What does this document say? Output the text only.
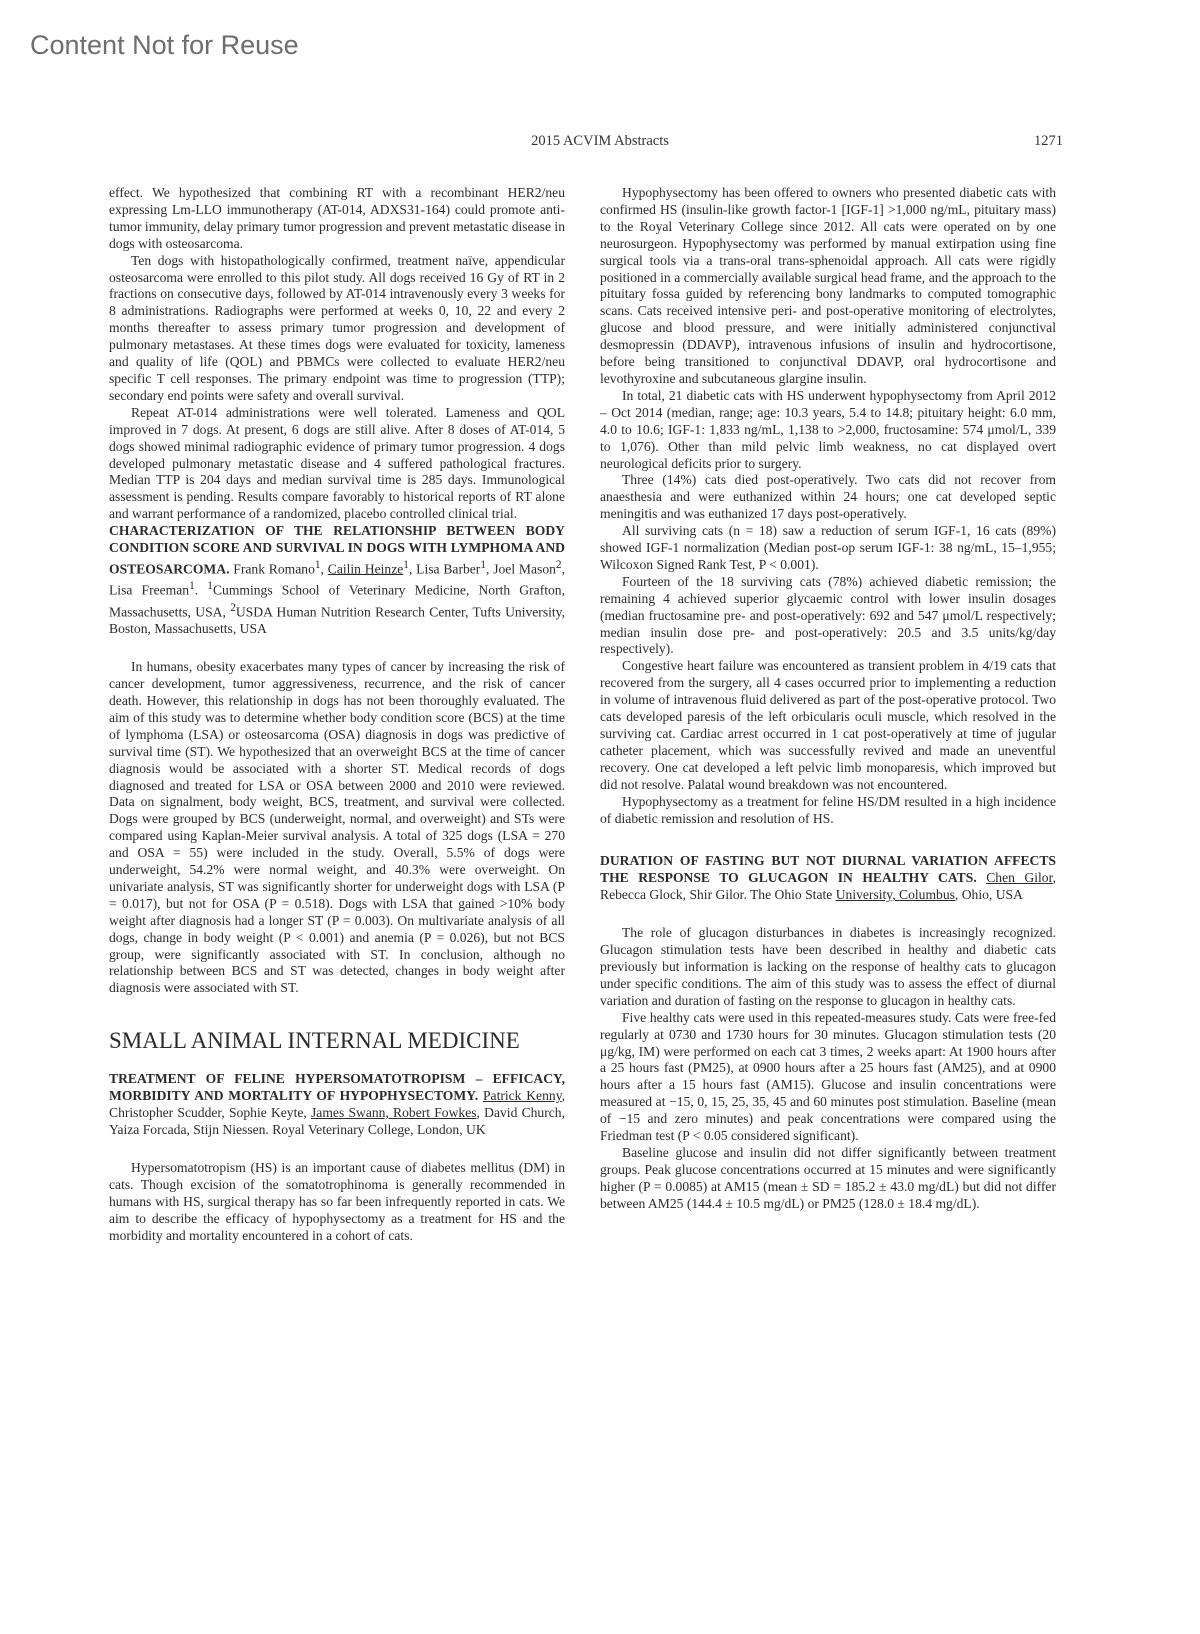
Content Not for Reuse
2015 ACVIM Abstracts	1271

effect. We hypothesized that combining RT with a recombinant HER2/neu expressing Lm-LLO immunotherapy (AT-014, ADXS31-164) could promote anti-tumor immunity, delay primary tumor progression and prevent metastatic disease in dogs with osteosarcoma.

Ten dogs with histopathologically confirmed, treatment naïve, appendicular osteosarcoma were enrolled to this pilot study. All dogs received 16 Gy of RT in 2 fractions on consecutive days, followed by AT-014 intravenously every 3 weeks for 8 administrations. Radiographs were performed at weeks 0, 10, 22 and every 2 months thereafter to assess primary tumor progression and development of pulmonary metastases. At these times dogs were evaluated for toxicity, lameness and quality of life (QOL) and PBMCs were collected to evaluate HER2/neu specific T cell responses. The primary endpoint was time to progression (TTP); secondary end points were safety and overall survival.

Repeat AT-014 administrations were well tolerated. Lameness and QOL improved in 7 dogs. At present, 6 dogs are still alive. After 8 doses of AT-014, 5 dogs showed minimal radiographic evidence of primary tumor progression. 4 dogs developed pulmonary metastatic disease and 4 suffered pathological fractures. Median TTP is 204 days and median survival time is 285 days. Immunological assessment is pending. Results compare favorably to historical reports of RT alone and warrant performance of a randomized, placebo controlled clinical trial.

CHARACTERIZATION OF THE RELATIONSHIP BETWEEN BODY CONDITION SCORE AND SURVIVAL IN DOGS WITH LYMPHOMA AND OSTEOSARCOMA. Frank Romano$^1$, Cailin Heinze$^1$, Lisa Barber$^1$, Joel Mason$^2$, Lisa Freeman$^1$. $^1$Cummings School of Veterinary Medicine, North Grafton, Massachusetts, USA, $^2$USDA Human Nutrition Research Center, Tufts University, Boston, Massachusetts, USA

In humans, obesity exacerbates many types of cancer by increasing the risk of cancer development, tumor aggressiveness, recurrence, and the risk of cancer death. However, this relationship in dogs has not been thoroughly evaluated. The aim of this study was to determine whether body condition score (BCS) at the time of lymphoma (LSA) or osteosarcoma (OSA) diagnosis in dogs was predictive of survival time (ST). We hypothesized that an overweight BCS at the time of cancer diagnosis would be associated with a shorter ST. Medical records of dogs diagnosed and treated for LSA or OSA between 2000 and 2010 were reviewed. Data on signalment, body weight, BCS, treatment, and survival were collected. Dogs were grouped by BCS (underweight, normal, and overweight) and STs were compared using Kaplan-Meier survival analysis. A total of 325 dogs (LSA = 270 and OSA = 55) were included in the study. Overall, 5.5% of dogs were underweight, 54.2% were normal weight, and 40.3% were overweight. On univariate analysis, ST was significantly shorter for underweight dogs with LSA (P = 0.017), but not for OSA (P = 0.518). Dogs with LSA that gained >10% body weight after diagnosis had a longer ST (P = 0.003). On multivariate analysis of all dogs, change in body weight (P < 0.001) and anemia (P = 0.026), but not BCS group, were significantly associated with ST. In conclusion, although no relationship between BCS and ST was detected, changes in body weight after diagnosis were associated with ST.

SMALL ANIMAL INTERNAL MEDICINE

TREATMENT OF FELINE HYPERSOMATOTROPISM – EFFICACY, MORBIDITY AND MORTALITY OF HYPOPHYSECTOMY. Patrick Kenny, Christopher Scudder, Sophie Keyte, James Swann, Robert Fowkes, David Church, Yaiza Forcada, Stijn Niessen. Royal Veterinary College, London, UK

Hypersomatotropism (HS) is an important cause of diabetes mellitus (DM) in cats. Though excision of the somatotrophinoma is generally recommended in humans with HS, surgical therapy has so far been infrequently reported in cats. We aim to describe the efficacy of hypophysectomy as a treatment for HS and the morbidity and mortality encountered in a cohort of cats.

Hypophysectomy has been offered to owners who presented diabetic cats with confirmed HS (insulin-like growth factor-1 [IGF-1] >1,000 ng/mL, pituitary mass) to the Royal Veterinary College since 2012. All cats were operated on by one neurosurgeon. Hypophysectomy was performed by manual extirpation using fine surgical tools via a trans-oral trans-sphenoidal approach. All cats were rigidly positioned in a commercially available surgical head frame, and the approach to the pituitary fossa guided by referencing bony landmarks to computed tomographic scans. Cats received intensive peri- and post-operative monitoring of electrolytes, glucose and blood pressure, and were initially administered conjunctival desmopressin (DDAVP), intravenous infusions of insulin and hydrocortisone, before being transitioned to conjunctival DDAVP, oral hydrocortisone and levothyroxine and subcutaneous glargine insulin.

In total, 21 diabetic cats with HS underwent hypophysectomy from April 2012 – Oct 2014 (median, range; age: 10.3 years, 5.4 to 14.8; pituitary height: 6.0 mm, 4.0 to 10.6; IGF-1: 1,833 ng/mL, 1,138 to >2,000, fructosamine: 574 μmol/L, 339 to 1,076). Other than mild pelvic limb weakness, no cat displayed overt neurological deficits prior to surgery.

Three (14%) cats died post-operatively. Two cats did not recover from anaesthesia and were euthanized within 24 hours; one cat developed septic meningitis and was euthanized 17 days post-operatively.

All surviving cats (n = 18) saw a reduction of serum IGF-1, 16 cats (89%) showed IGF-1 normalization (Median post-op serum IGF-1: 38 ng/mL, 15–1,955; Wilcoxon Signed Rank Test, P < 0.001).

Fourteen of the 18 surviving cats (78%) achieved diabetic remission; the remaining 4 achieved superior glycaemic control with lower insulin dosages (median fructosamine pre- and post-operatively: 692 and 547 μmol/L respectively; median insulin dose pre- and post-operatively: 20.5 and 3.5 units/kg/day respectively).

Congestive heart failure was encountered as transient problem in 4/19 cats that recovered from the surgery, all 4 cases occurred prior to implementing a reduction in volume of intravenous fluid delivered as part of the post-operative protocol. Two cats developed paresis of the left orbicularis oculi muscle, which resolved in the surviving cat. Cardiac arrest occurred in 1 cat post-operatively at time of jugular catheter placement, which was successfully revived and made an uneventful recovery. One cat developed a left pelvic limb monoparesis, which improved but did not resolve. Palatal wound breakdown was not encountered.

Hypophysectomy as a treatment for feline HS/DM resulted in a high incidence of diabetic remission and resolution of HS.

DURATION OF FASTING BUT NOT DIURNAL VARIATION AFFECTS THE RESPONSE TO GLUCAGON IN HEALTHY CATS. Chen Gilor, Rebecca Glock, Shir Gilor. The Ohio State University, Columbus, Ohio, USA

The role of glucagon disturbances in diabetes is increasingly recognized. Glucagon stimulation tests have been described in healthy and diabetic cats previously but information is lacking on the response of healthy cats to glucagon under specific conditions. The aim of this study was to assess the effect of diurnal variation and duration of fasting on the response to glucagon in healthy cats.

Five healthy cats were used in this repeated-measures study. Cats were free-fed regularly at 0730 and 1730 hours for 30 minutes. Glucagon stimulation tests (20 μg/kg, IM) were performed on each cat 3 times, 2 weeks apart: At 1900 hours after a 25 hours fast (PM25), at 0900 hours after a 25 hours fast (AM25), and at 0900 hours after a 15 hours fast (AM15). Glucose and insulin concentrations were measured at −15, 0, 15, 25, 35, 45 and 60 minutes post stimulation. Baseline (mean of −15 and zero minutes) and peak concentrations were compared using the Friedman test (P < 0.05 considered significant).

Baseline glucose and insulin did not differ significantly between treatment groups. Peak glucose concentrations occurred at 15 minutes and were significantly higher (P = 0.0085) at AM15 (mean ± SD = 185.2 ± 43.0 mg/dL) but did not differ between AM25 (144.4 ± 10.5 mg/dL) or PM25 (128.0 ± 18.4 mg/dL).
